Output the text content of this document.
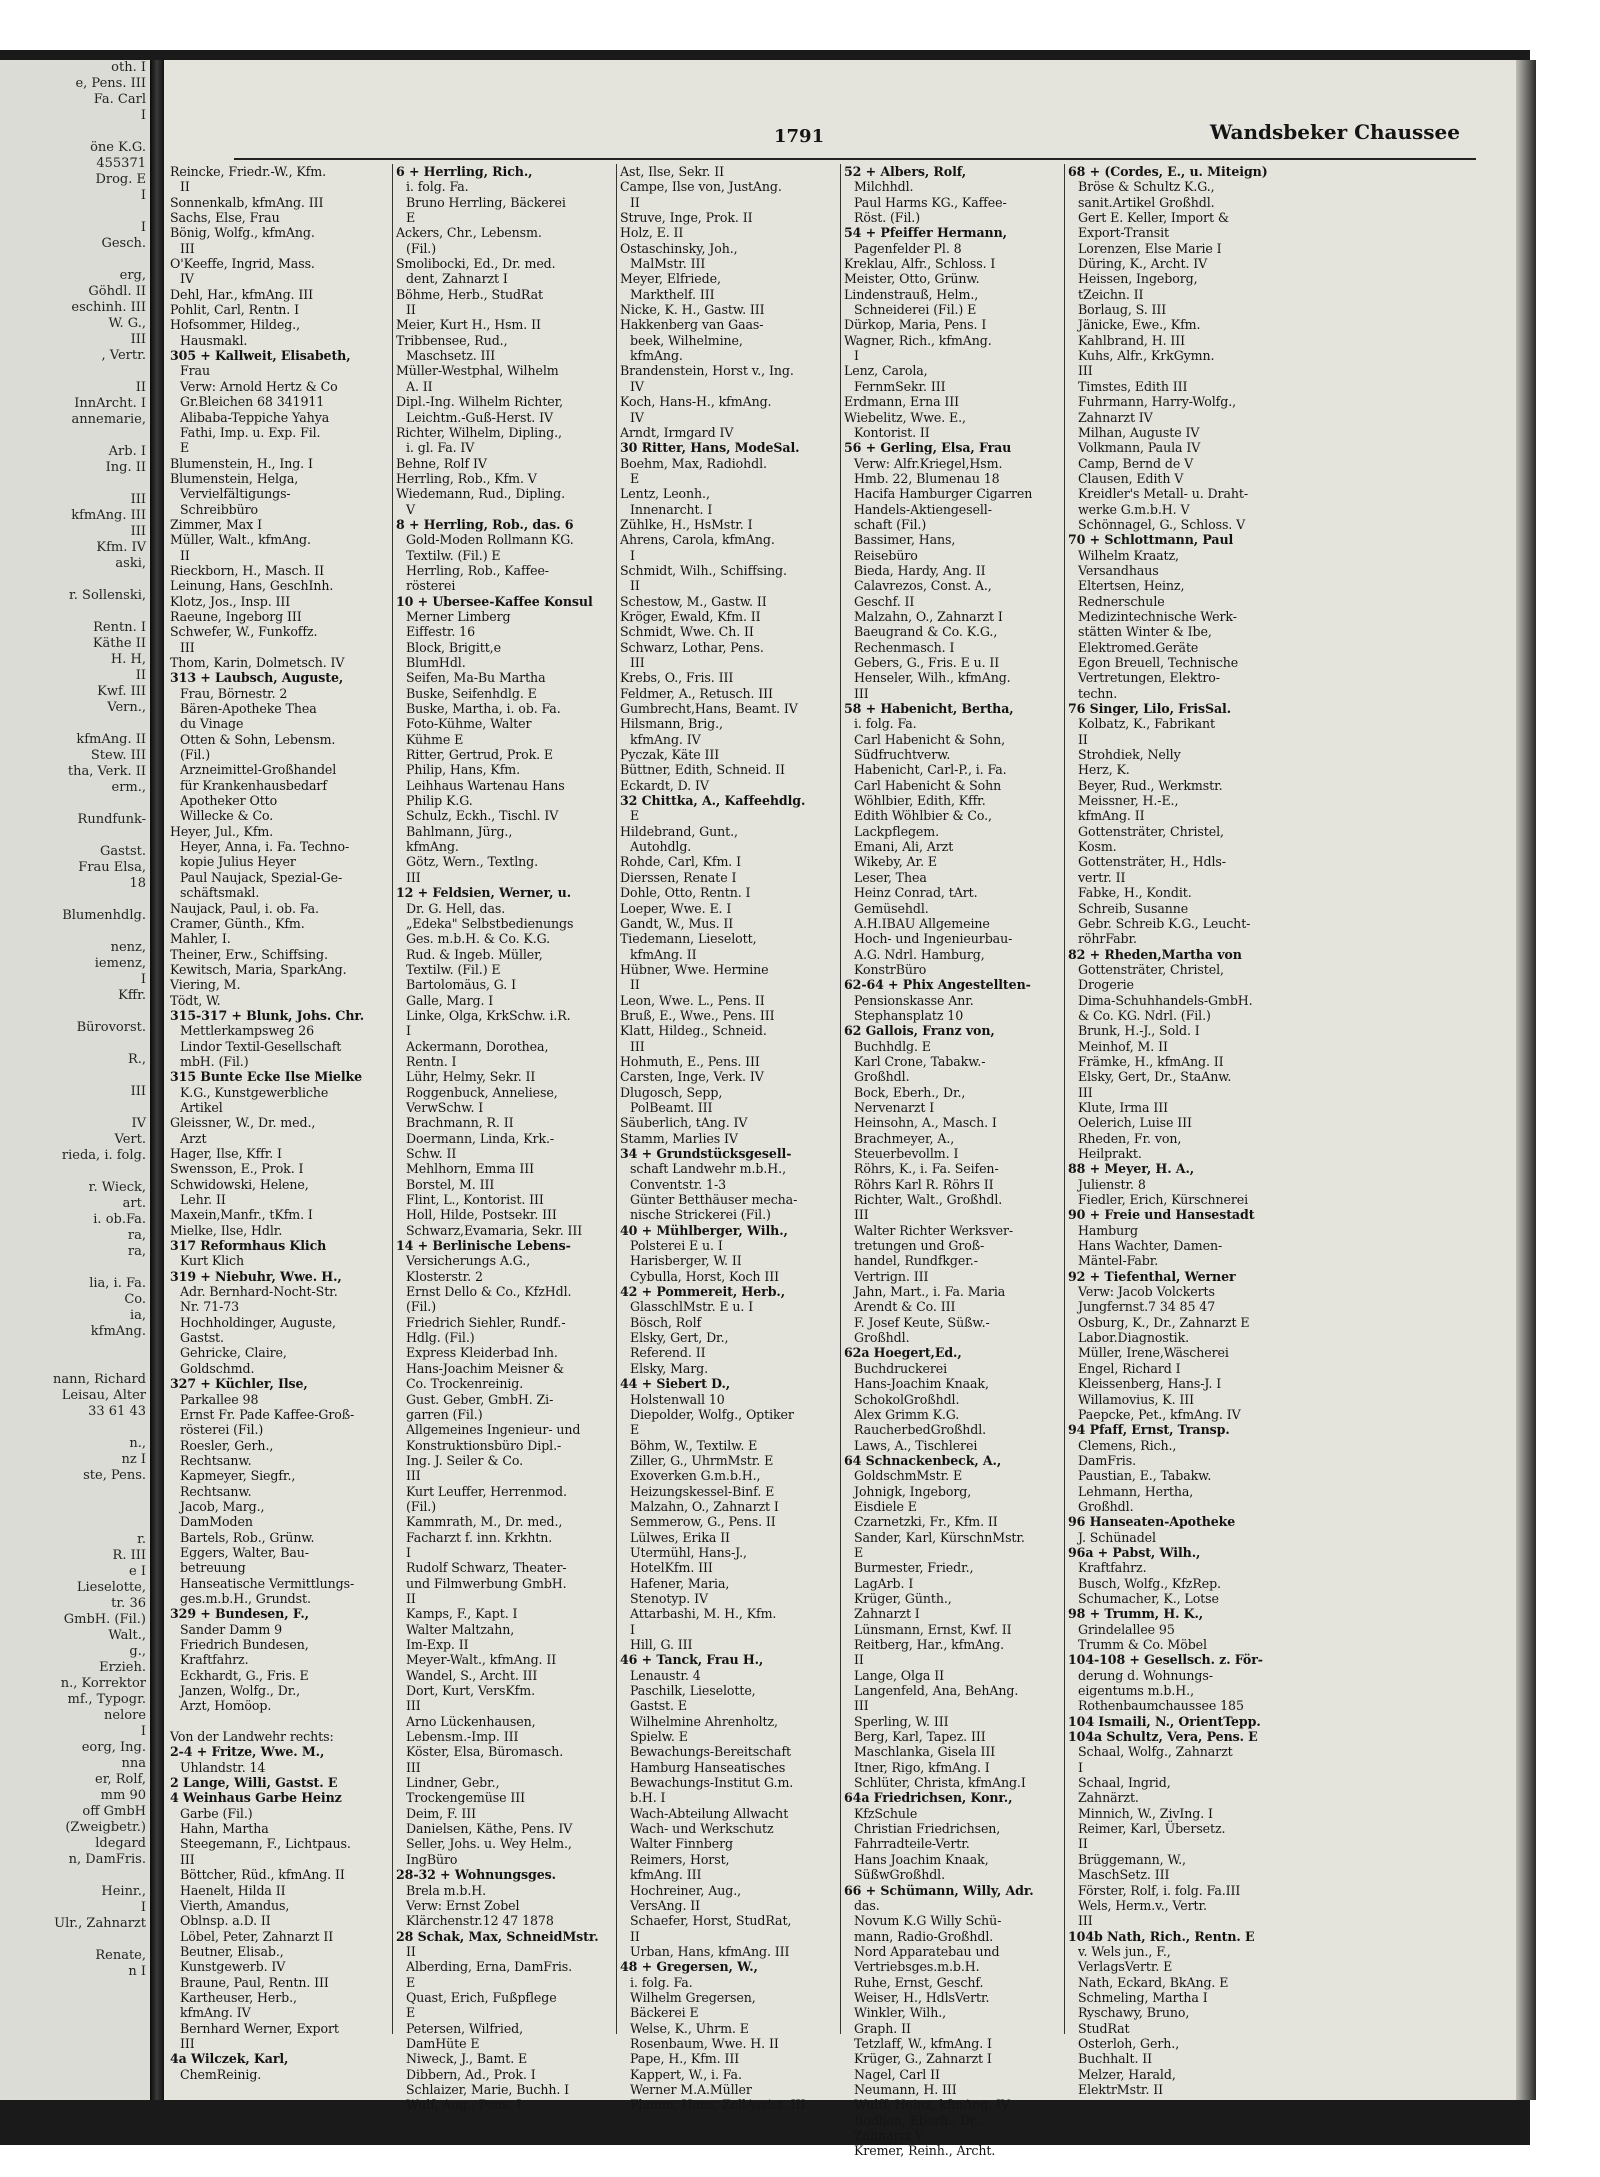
oth. I
e, Pens. III
Fa. Carl
I

öne K.G.
455371
Drog. E
I

I
Gesch.

erg,
Göhdl. II
eschinh. III
W. G.,
III
, Vertr.

II
InnArcht. I
annemarie,

Arb. I
Ing. II

III
kfmAng. III
III
Kfm. IV
aski,

r. Sollenski,

Rentn. I
Käthe II
H. H,
II
Kwf. III
Vern.,

kfmAng. II
Stew. III
tha, Verk. II
erm.,

Rundfunk-

Gastst.
Frau Elsa,
18

Blumenhdlg.

nenz,
iemenz,
I
Kffr.

Bürovorst.

R.,

III

IV
Vert.
rieda, i. folg.

r. Wieck,
art.
i. ob.Fa.
ra,
ra,

lia, i. Fa.
Co.
ia,
kfmAng.

nann, Richard
Leisau, Alter
33 61 43

n.,
nz I
ste, Pens.

r.
R. III
e I
Lieselotte,
tr. 36
GmbH. (Fil.)
Walt.,
g.,
Erzieh.
n., Korrektor
mf., Typogr.
nelore
I
eorg, Ing.
nna
er, Rolf,
mm 90
off GmbH
(Zweigbetr.)
ldegard
n, DamFris.

Heinr.,
I
Ulr., Zahnarzt

Renate,
n I
1791	Wandsbeker Chaussee
Reincke, Friedr.-W., Kfm.
II
Sonnenkalb, kfmAng. III
Sachs, Else, Frau
Bönig, Wolfg., kfmAng.
III
O'Keeffe, Ingrid, Mass.
IV
Dehl, Har., kfmAng. III
Pohlit, Carl, Rentn. I
Hofsommer, Hildeg.,
Hausmakl.
305 + Kallweit, Elisabeth,
Frau
Verw: Arnold Hertz & Co
Gr.Bleichen 68 341911
Alibaba-Teppiche Yahya
Fathi, Imp. u. Exp. Fil.
E
Blumenstein, H., Ing. I
Blumenstein, Helga,
Vervielfältigungs-
Schreibbüro
Zimmer, Max I
Müller, Walt., kfmAng.
II
Rieckborn, H., Masch. II
Leinung, Hans, GeschInh.
Klotz, Jos., Insp. III
Raeune, Ingeborg III
Schwefer, W., Funkoffz.
III
Thom, Karin, Dolmetsch. IV
313 + Laubsch, Auguste,
Frau, Börnestr. 2
Bären-Apotheke Thea
du Vinage
Otten & Sohn, Lebensm.
(Fil.)
Arzneimittel-Großhandel
für Krankenhausbedarf
Apotheker Otto
Willecke & Co.
Heyer, Jul., Kfm.
Heyer, Anna, i. Fa. Techno-
kopie Julius Heyer
Paul Naujack, Spezial-Ge-
schäftsmakl.
Naujack, Paul, i. ob. Fa.
Cramer, Günth., Kfm.
Mahler, I.
Theiner, Erw., Schiffsing.
Kewitsch, Maria, SparkAng.
Viering, M.
Tödt, W.
315-317 + Blunk, Johs. Chr.
Mettlerkampsweg 26
Lindor Textil-Gesellschaft
mbH. (Fil.)
315 Bunte Ecke Ilse Mielke
K.G., Kunstgewerbliche
Artikel
Gleissner, W., Dr. med.,
Arzt
Hager, Ilse, Kffr. I
Swensson, E., Prok. I
Schwidowski, Helene,
Lehr. II
Maxein,Manfr., tKfm. I
Mielke, Ilse, Hdlr.
317 Reformhaus Klich
Kurt Klich
319 + Niebuhr, Wwe. H.,
Adr. Bernhard-Nocht-Str.
Nr. 71-73
Hochholdinger, Auguste,
Gastst.
Gehricke, Claire,
Goldschmd.
327 + Küchler, Ilse,
Parkallee 98
Ernst Fr. Pade Kaffee-Groß-
rösterei (Fil.)
Roesler, Gerh.,
Rechtsanw.
Kapmeyer, Siegfr.,
Rechtsanw.
Jacob, Marg.,
DamModen
Bartels, Rob., Grünw.
Eggers, Walter, Bau-
betreuung
Hanseatische Vermittlungs-
ges.m.b.H., Grundst.
329 + Bundesen, F.,
Sander Damm 9
Friedrich Bundesen,
Kraftfahrz.
Eckhardt, G., Fris. E
Janzen, Wolfg., Dr.,
Arzt, Homöop.

Von der Landwehr rechts:
2-4 + Fritze, Wwe. M.,
Uhlandstr. 14
2 Lange, Willi, Gastst. E
4 Weinhaus Garbe Heinz
Garbe (Fil.)
Hahn, Martha
Steegemann, F., Lichtpaus.
III
Böttcher, Rüd., kfmAng. II
Haenelt, Hilda II
Vierth, Amandus,
Oblnsp. a.D. II
Löbel, Peter, Zahnarzt II
Beutner, Elisab.,
Kunstgewerb. IV
Braune, Paul, Rentn. III
Kartheuser, Herb.,
kfmAng. IV
Bernhard Werner, Export
III
4a Wilczek, Karl,
ChemReinig.
6 + Herrling, Rich.,
i. folg. Fa.
Bruno Herrling, Bäckerei
E
Ackers, Chr., Lebensm.
(Fil.)
Smolibocki, Ed., Dr. med.
dent, Zahnarzt I
Böhme, Herb., StudRat
II
Meier, Kurt H., Hsm. II
Tribbensee, Rud.,
Maschsetz. III
Müller-Westphal, Wilhelm
A. II
Dipl.-Ing. Wilhelm Richter,
Leichtm.-Guß-Herst. IV
Richter, Wilhelm, Dipling.,
i. gl. Fa. IV
Behne, Rolf IV
Herrling, Rob., Kfm. V
Wiedemann, Rud., Dipling.
V
8 + Herrling, Rob., das. 6
Gold-Moden Rollmann KG.
Textilw. (Fil.) E
Herrling, Rob., Kaffee-
rösterei
10 + Ubersee-Kaffee Konsul
Merner Limberg
Eiffestr. 16
Block, Brigitt,e
BlumHdl.
Seifen, Ma-Bu Martha
Buske, Seifenhdlg. E
Buske, Martha, i. ob. Fa.
Foto-Kühme, Walter
Kühme E
Ritter, Gertrud, Prok. E
Philip, Hans, Kfm.
Leihhaus Wartenau Hans
Philip K.G.
Schulz, Eckh., Tischl. IV
Bahlmann, Jürg.,
kfmAng.
Götz, Wern., Textlng.
III
12 + Feldsien, Werner, u.
Dr. G. Hell, das.
„Edeka" Selbstbedienungs
Ges. m.b.H. & Co. K.G.
Rud. & Ingeb. Müller,
Textilw. (Fil.) E
Bartolomäus, G. I
Galle, Marg. I
Linke, Olga, KrkSchw. i.R.
I
Ackermann, Dorothea,
Rentn. I
Lühr, Helmy, Sekr. II
Roggenbuck, Anneliese,
VerwSchw. I
Brachmann, R. II
Doermann, Linda, Krk.-
Schw. II
Mehlhorn, Emma III
Borstel, M. III
Flint, L., Kontorist. III
Holl, Hilde, Postsekr. III
Schwarz,Evamaria, Sekr. III
14 + Berlinische Lebens-
Versicherungs A.G.,
Klosterstr. 2
Ernst Dello & Co., KfzHdl.
(Fil.)
Friedrich Siehler, Rundf.-
Hdlg. (Fil.)
Express Kleiderbad Inh.
Hans-Joachim Meisner &
Co. Trockenreinig.
Gust. Geber, GmbH. Zi-
garren (Fil.)
Allgemeines Ingenieur- und
Konstruktionsbüro Dipl.-
Ing. J. Seiler & Co.
III
Kurt Leuffer, Herrenmod.
(Fil.)
Kammrath, M., Dr. med.,
Facharzt f. inn. Krkhtn.
I
Rudolf Schwarz, Theater-
und Filmwerbung GmbH.
II
Kamps, F., Kapt. I
Walter Maltzahn,
Im-Exp. II
Meyer-Walt., kfmAng. II
Wandel, S., Archt. III
Dort, Kurt, VersKfm.
III
Arno Lückenhausen,
Lebensm.-Imp. III
Köster, Elsa, Büromasch.
III
Lindner, Gebr.,
Trockengemüse III
Deim, F. III
Danielsen, Käthe, Pens. IV
Seller, Johs. u. Wey Helm.,
IngBüro
28-32 + Wohnungsges.
Brela m.b.H.
Verw: Ernst Zobel
Klärchenstr.12 47 1878
28 Schak, Max, SchneidMstr.
II
Alberding, Erna, DamFris.
E
Quast, Erich, Fußpflege
E
Petersen, Wilfried,
DamHüte E
Niweck, J., Bamt. E
Dibbern, Ad., Prok. I
Schlaizer, Marie, Buchh. I
Wulf, Aug., Pens. I
Ast, Ilse, Sekr. II
Campe, Ilse von, JustAng.
II
Struve, Inge, Prok. II
Holz, E. II
Ostaschinsky, Joh.,
MalMstr. III
Meyer, Elfriede,
Markthelf. III
Nicke, K. H., Gastw. III
Hakkenberg van Gaas-
beek, Wilhelmine,
kfmAng.
Brandenstein, Horst v., Ing.
IV
Koch, Hans-H., kfmAng.
IV
Arndt, Irmgard IV
30 Ritter, Hans, ModeSal.
Boehm, Max, Radiohdl.
E
Lentz, Leonh.,
Innenarcht. I
Zühlke, H., HsMstr. I
Ahrens, Carola, kfmAng.
I
Schmidt, Wilh., Schiffsing.
II
Schestow, M., Gastw. II
Kröger, Ewald, Kfm. II
Schmidt, Wwe. Ch. II
Schwarz, Lothar, Pens.
III
Krebs, O., Fris. III
Feldmer, A., Retusch. III
Gumbrecht,Hans, Beamt. IV
Hilsmann, Brig.,
kfmAng. IV
Pyczak, Käte III
Büttner, Edith, Schneid. II
Eckardt, D. IV
32 Chittka, A., Kaffeehdlg.
E
Hildebrand, Gunt.,
Autohdlg.
Rohde, Carl, Kfm. I
Dierssen, Renate I
Dohle, Otto, Rentn. I
Loeper, Wwe. E. I
Gandt, W., Mus. II
Tiedemann, Lieselott,
kfmAng. II
Hübner, Wwe. Hermine
II
Leon, Wwe. L., Pens. II
Bruß, E., Wwe., Pens. III
Klatt, Hildeg., Schneid.
III
Hohmuth, E., Pens. III
Carsten, Inge, Verk. IV
Dlugosch, Sepp,
PolBeamt. III
Säuberlich, tAng. IV
Stamm, Marlies IV
34 + Grundstücksgesell-
schaft Landwehr m.b.H.,
Conventstr. 1-3
Günter Betthäuser mecha-
nische Strickerei (Fil.)
40 + Mühlberger, Wilh.,
Polsterei E u. I
Harisberger, W. II
Cybulla, Horst, Koch III
42 + Pommereit, Herb.,
GlasschlMstr. E u. I
Bösch, Rolf
Elsky, Gert, Dr.,
Referend. II
Elsky, Marg.
44 + Siebert D.,
Holstenwall 10
Diepolder, Wolfg., Optiker
E
Böhm, W., Textilw. E
Ziller, G., UhrmMstr. E
Exoverken G.m.b.H.,
Heizungskessel-Binf. E
Malzahn, O., Zahnarzt I
Semmerow, G., Pens. II
Lülwes, Erika II
Utermühl, Hans-J.,
HotelKfm. III
Hafener, Maria,
Stenotyp. IV
Attarbashi, M. H., Kfm.
I
Hill, G. III
46 + Tanck, Frau H.,
Lenaustr. 4
Paschilk, Lieselotte,
Gastst. E
Wilhelmine Ahrenholtz,
Spielw. E
Bewachungs-Bereitschaft
Hamburg Hanseatisches
Bewachungs-Institut G.m.
b.H. I
Wach-Abteilung Allwacht
Wach- und Werkschutz
Walter Finnberg
Reimers, Horst,
kfmAng. III
Hochreiner, Aug.,
VersAng. II
Schaefer, Horst, StudRat,
II
Urban, Hans, kfmAng. III
48 + Gregersen, W.,
i. folg. Fa.
Wilhelm Gregersen,
Bäckerei E
Welse, K., Uhrm. E
Rosenbaum, Wwe. H. II
Pape, H., Kfm. III
Kappert, W., i. Fa.
Werner M.A.Müller
Flamm, Hans, ZollAssist. III
52 + Albers, Rolf,
Milchhdl.
Paul Harms KG., Kaffee-
Röst. (Fil.)
54 + Pfeiffer Hermann,
Pagenfelder Pl. 8
Kreklau, Alfr., Schloss. I
Meister, Otto, Grünw.
Lindenstrauß, Helm.,
Schneiderei (Fil.) E
Dürkop, Maria, Pens. I
Wagner, Rich., kfmAng.
I
Lenz, Carola,
FernmSekr. III
Erdmann, Erna III
Wiebelitz, Wwe. E.,
Kontorist. II
56 + Gerling, Elsa, Frau
Verw: Alfr.Kriegel,Hsm.
Hmb. 22, Blumenau 18
Hacifa Hamburger Cigarren
Handels-Aktiengesell-
schaft (Fil.)
Bassimer, Hans,
Reisebüro
Bieda, Hardy, Ang. II
Calavrezos, Const. A.,
Geschf. II
Malzahn, O., Zahnarzt I
Baeugrand & Co. K.G.,
Rechenmasch. I
Gebers, G., Fris. E u. II
Henseler, Wilh., kfmAng.
III
58 + Habenicht, Bertha,
i. folg. Fa.
Carl Habenicht & Sohn,
Südfruchtverw.
Habenicht, Carl-P., i. Fa.
Carl Habenicht & Sohn
Wöhlbier, Edith, Kffr.
Edith Wöhlbier & Co.,
Lackpflegem.
Emani, Ali, Arzt
Wikeby, Ar. E
Leser, Thea
Heinz Conrad, tArt.
Gemüsehdl.
A.H.IBAU Allgemeine
Hoch- und Ingenieurbau-
A.G. Ndrl. Hamburg,
KonstrBüro
62-64 + Phix Angestellten-
Pensionskasse Anr.
Stephansplatz 10
62 Gallois, Franz von,
Buchhdlg. E
Karl Crone, Tabakw.-
Großhdl.
Bock, Eberh., Dr.,
Nervenarzt I
Heinsohn, A., Masch. I
Brachmeyer, A.,
Steuerbevollm. I
Röhrs, K., i. Fa. Seifen-
Röhrs Karl R. Röhrs II
Richter, Walt., Großhdl.
III
Walter Richter Werksver-
tretungen und Groß-
handel, Rundfkger.-
Vertrign. III
Jahn, Mart., i. Fa. Maria
Arendt & Co. III
F. Josef Keute, Süßw.-
Großhdl.
62a Hoegert,Ed.,
Buchdruckerei
Hans-Joachim Knaak,
SchokolGroßhdl.
Alex Grimm K.G.
RaucherbedGroßhdl.
Laws, A., Tischlerei
64 Schnackenbeck, A.,
GoldschmMstr. E
Johnigk, Ingeborg,
Eisdiele E
Czarnetzki, Fr., Kfm. II
Sander, Karl, KürschnMstr.
E
Burmester, Friedr.,
LagArb. I
Krüger, Günth.,
Zahnarzt I
Lünsmann, Ernst, Kwf. II
Reitberg, Har., kfmAng.
II
Lange, Olga II
Langenfeld, Ana, BehAng.
III
Sperling, W. III
Berg, Karl, Tapez. III
Maschlanka, Gisela III
Itner, Rigo, kfmAng. I
Schlüter, Christa, kfmAng.I
64a Friedrichsen, Konr.,
KfzSchule
Christian Friedrichsen,
Fahrradteile-Vertr.
Hans Joachim Knaak,
SüßwGroßhdl.
66 + Schümann, Willy, Adr.
das.
Novum K.G Willy Schü-
mann, Radio-Großhdl.
Nord Apparatebau und
Vertriebsges.m.b.H.
Ruhe, Ernst, Geschf.
Weiser, H., HdlsVertr.
Winkler, Wilh.,
Graph. II
Tetzlaff, W., kfmAng. I
Krüger, G., Zahnarzt I
Nagel, Carl II
Neumann, H. III
Wulff, Heinz, kfmAng. IV
Bodlien, Eberh., Dr.,
Zahnarzt V
Kremer, Reinh., Archt.
68 + (Cordes, E., u. Miteign)
Bröse & Schultz K.G.,
sanit.Artikel Großhdl.
Gert E. Keller, Import &
Export-Transit
Lorenzen, Else Marie I
Düring, K., Archt. IV
Heissen, Ingeborg,
tZeichn. II
Borlaug, S. III
Jänicke, Ewe., Kfm.
Kahlbrand, H. III
Kuhs, Alfr., KrkGymn.
III
Timstes, Edith III
Fuhrmann, Harry-Wolfg.,
Zahnarzt IV
Milhan, Auguste IV
Volkmann, Paula IV
Camp, Bernd de V
Clausen, Edith V
Kreidler's Metall- u. Draht-
werke G.m.b.H. V
Schönnagel, G., Schloss. V
70 + Schlottmann, Paul
Wilhelm Kraatz,
Versandhaus
Eltertsen, Heinz,
Rednerschule
Medizintechnische Werk-
stätten Winter & Ibe,
Elektromed.Geräte
Egon Breuell, Technische
Vertretungen, Elektro-
techn.
76 Singer, Lilo, FrisSal.
Kolbatz, K., Fabrikant
II
Strohdiek, Nelly
Herz, K.
Beyer, Rud., Werkmstr.
Meissner, H.-E.,
kfmAng. II
Gottensträter, Christel,
Kosm.
Gottensträter, H., Hdls-
vertr. II
Fabke, H., Kondit.
Schreib, Susanne
Gebr. Schreib K.G., Leucht-
röhrFabr.
82 + Rheden,Martha von
Gottensträter, Christel,
Drogerie
Dima-Schuhhandels-GmbH.
& Co. KG. Ndrl. (Fil.)
Brunk, H.-J., Sold. I
Meinhof, M. II
Främke, H., kfmAng. II
Elsky, Gert, Dr., StaAnw.
III
Klute, Irma III
Oelerich, Luise III
Rheden, Fr. von,
Heilprakt.
88 + Meyer, H. A.,
Julienstr. 8
Fiedler, Erich, Kürschnerei
90 + Freie und Hansestadt
Hamburg
Hans Wachter, Damen-
Mäntel-Fabr.
92 + Tiefenthal, Werner
Verw: Jacob Volckerts
Jungfernst.7 34 85 47
Osburg, K., Dr., Zahnarzt E
Labor.Diagnostik.
Müller, Irene,Wäscherei
Engel, Richard I
Kleissenberg, Hans-J. I
Willamovius, K. III
Paepcke, Pet., kfmAng. IV
94 Pfaff, Ernst, Transp.
Clemens, Rich.,
DamFris.
Paustian, E., Tabakw.
Lehmann, Hertha,
Großhdl.
96 Hanseaten-Apotheke
J. Schünadel
96a + Pabst, Wilh.,
Kraftfahrz.
Busch, Wolfg., KfzRep.
Schumacher, K., Lotse
98 + Trumm, H. K.,
Grindelallee 95
Trumm & Co. Möbel
104-108 + Gesellsch. z. För-
derung d. Wohnungs-
eigentums m.b.H.,
Rothenbaumchaussee 185
104 Ismaili, N., OrientTepp.
104a Schultz, Vera, Pens. E
Schaal, Wolfg., Zahnarzt
I
Schaal, Ingrid,
Zahnärzt.
Minnich, W., ZivIng. I
Reimer, Karl, Übersetz.
II
Brüggemann, W.,
MaschSetz. III
Förster, Rolf, i. folg. Fa.III
Wels, Herm.v., Vertr.
III
104b Nath, Rich., Rentn. E
v. Wels jun., F.,
VerlagsVertr. E
Nath, Eckard, BkAng. E
Schmeling, Martha I
Ryschawy, Bruno,
StudRat
Osterloh, Gerh.,
Buchhalt. II
Melzer, Harald,
ElektrMstr. II
